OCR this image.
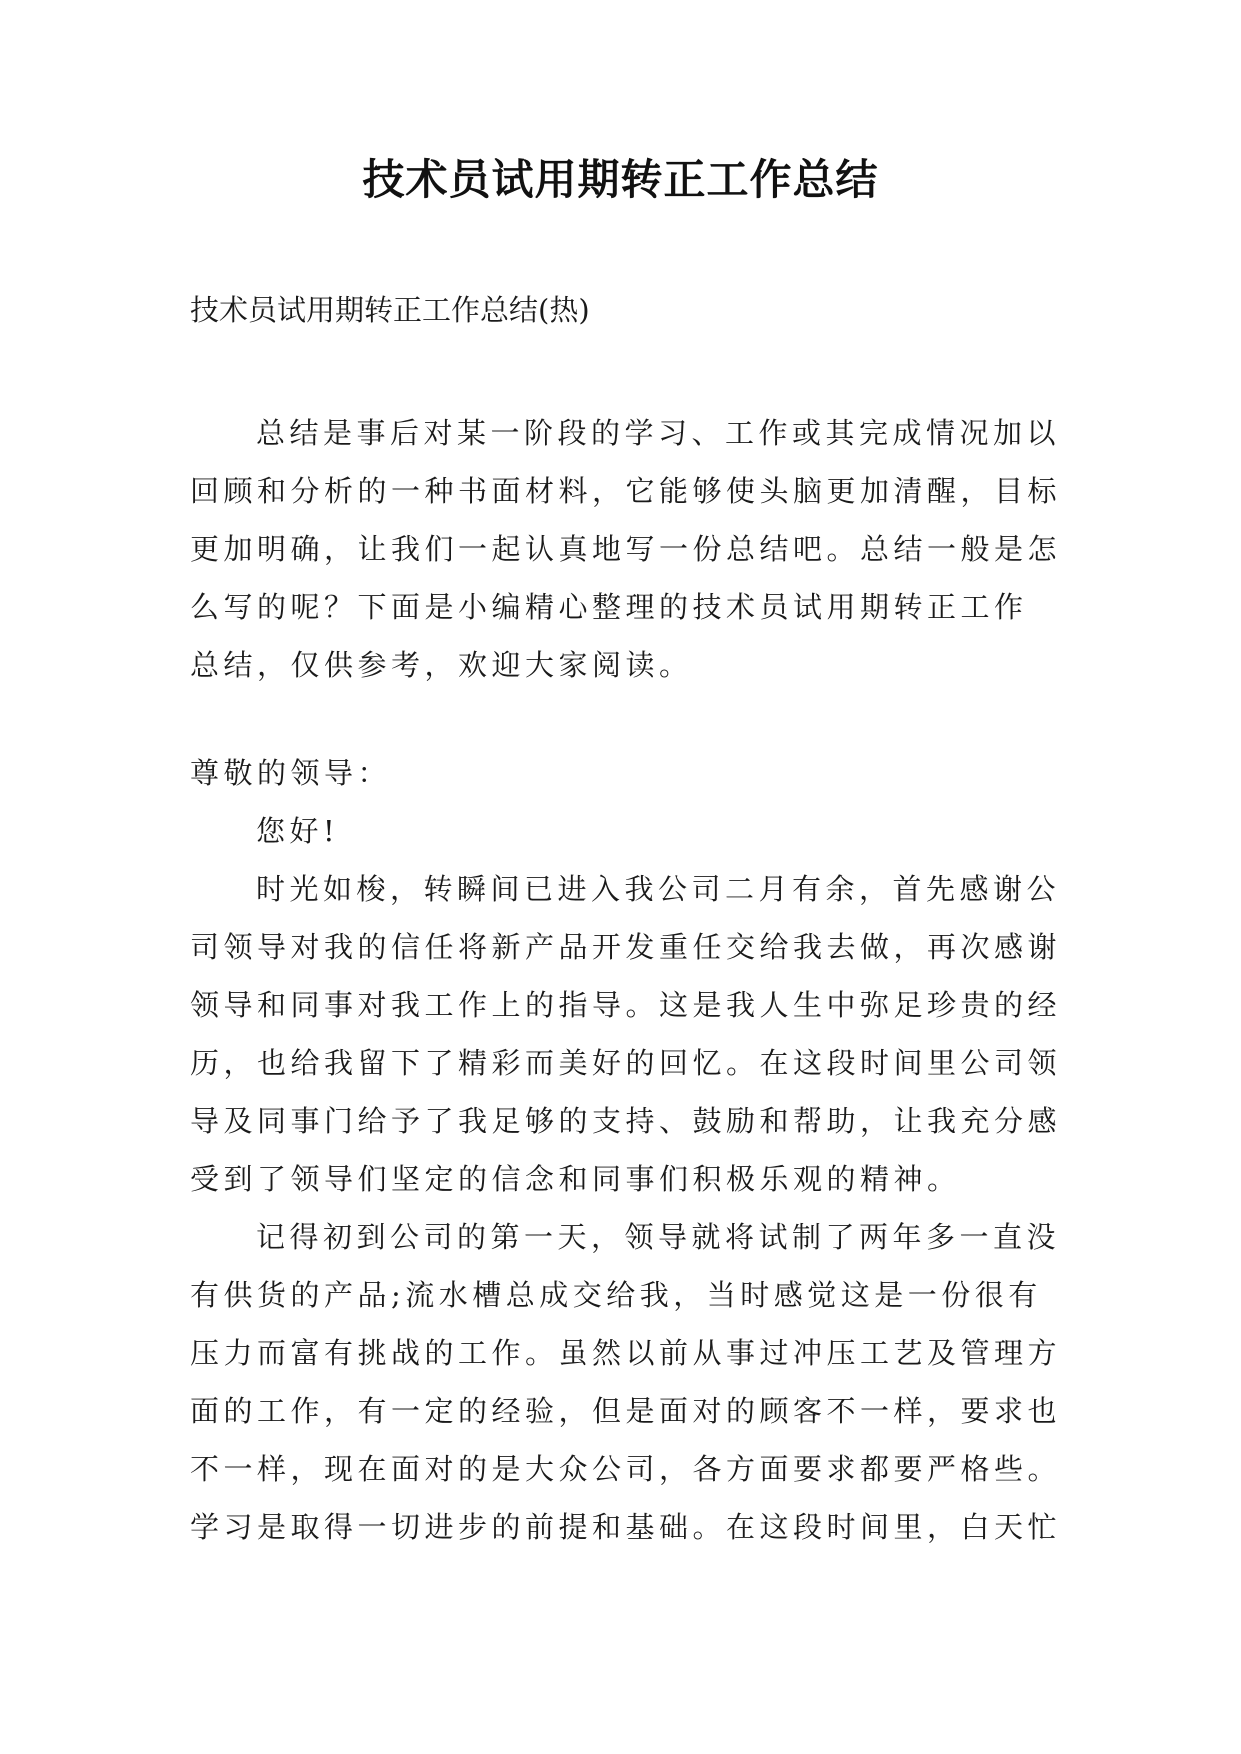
技术员试用期转正工作总结
技术员试用期转正工作总结(热)
总结是事后对某一阶段的学习、工作或其完成情况加以
回顾和分析的一种书面材料，它能够使头脑更加清醒，目标
更加明确，让我们一起认真地写一份总结吧。总结一般是怎
么写的呢？下面是小编精心整理的技术员试用期转正工作
总结，仅供参考，欢迎大家阅读。
尊敬的领导：
您好!
时光如梭，转瞬间已进入我公司二月有余，首先感谢公
司领导对我的信任将新产品开发重任交给我去做，再次感谢
领导和同事对我工作上的指导。这是我人生中弥足珍贵的经
历，也给我留下了精彩而美好的回忆。在这段时间里公司领
导及同事门给予了我足够的支持、鼓励和帮助，让我充分感
受到了领导们坚定的信念和同事们积极乐观的精神。
记得初到公司的第一天，领导就将试制了两年多一直没
有供货的产品;流水槽总成交给我，当时感觉这是一份很有
压力而富有挑战的工作。虽然以前从事过冲压工艺及管理方
面的工作，有一定的经验，但是面对的顾客不一样，要求也
不一样，现在面对的是大众公司，各方面要求都要严格些。
学习是取得一切进步的前提和基础。在这段时间里，白天忙
